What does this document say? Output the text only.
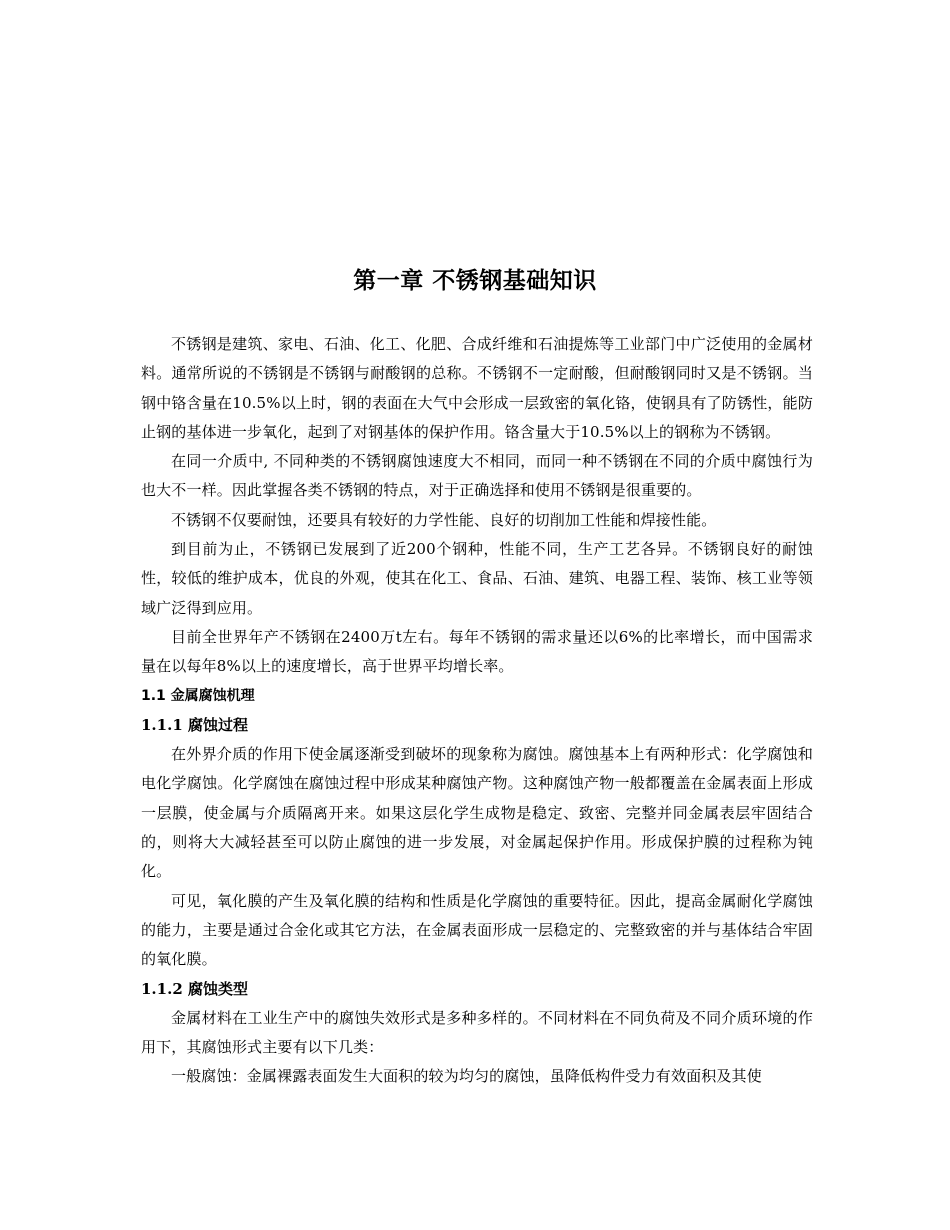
第一章 不锈钢基础知识

不锈钢是建筑、家电、石油、化工、化肥、合成纤维和石油提炼等工业部门中广泛使用的金属材料。通常所说的不锈钢是不锈钢与耐酸钢的总称。不锈钢不一定耐酸，但耐酸钢同时又是不锈钢。当钢中铬含量在10.5%以上时，钢的表面在大气中会形成一层致密的氧化铬，使钢具有了防锈性，能防止钢的基体进一步氧化，起到了对钢基体的保护作用。铬含量大于10.5%以上的钢称为不锈钢。

在同一介质中, 不同种类的不锈钢腐蚀速度大不相同，而同一种不锈钢在不同的介质中腐蚀行为也大不一样。因此掌握各类不锈钢的特点，对于正确选择和使用不锈钢是很重要的。

不锈钢不仅要耐蚀，还要具有较好的力学性能、良好的切削加工性能和焊接性能。

到目前为止，不锈钢已发展到了近200个钢种，性能不同，生产工艺各异。不锈钢良好的耐蚀性，较低的维护成本，优良的外观，使其在化工、食品、石油、建筑、电器工程、装饰、核工业等领域广泛得到应用。

目前全世界年产不锈钢在2400万t左右。每年不锈钢的需求量还以6%的比率增长，而中国需求量在以每年8%以上的速度增长，高于世界平均增长率。

1.1 金属腐蚀机理
1.1.1 腐蚀过程

在外界介质的作用下使金属逐渐受到破坏的现象称为腐蚀。腐蚀基本上有两种形式：化学腐蚀和电化学腐蚀。化学腐蚀在腐蚀过程中形成某种腐蚀产物。这种腐蚀产物一般都覆盖在金属表面上形成一层膜，使金属与介质隔离开来。如果这层化学生成物是稳定、致密、完整并同金属表层牢固结合的，则将大大减轻甚至可以防止腐蚀的进一步发展，对金属起保护作用。形成保护膜的过程称为钝化。

可见，氧化膜的产生及氧化膜的结构和性质是化学腐蚀的重要特征。因此，提高金属耐化学腐蚀的能力，主要是通过合金化或其它方法，在金属表面形成一层稳定的、完整致密的并与基体结合牢固的氧化膜。

1.1.2 腐蚀类型

金属材料在工业生产中的腐蚀失效形式是多种多样的。不同材料在不同负荷及不同介质环境的作用下，其腐蚀形式主要有以下几类：

一般腐蚀：金属裸露表面发生大面积的较为均匀的腐蚀，虽降低构件受力有效面积及其使
